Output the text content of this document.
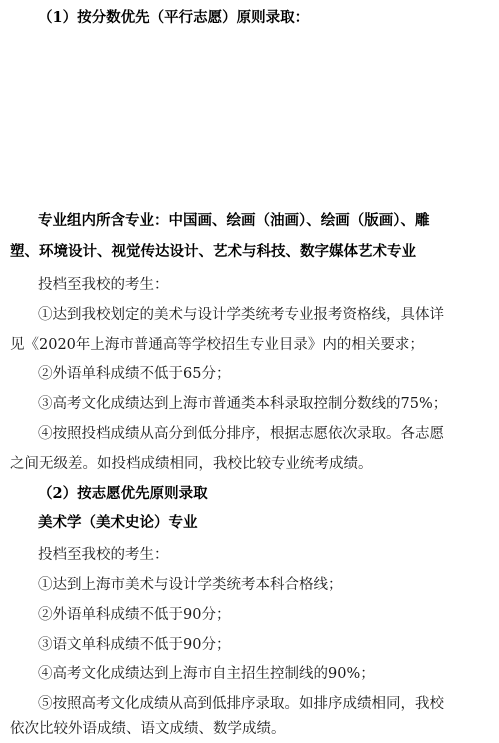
（1）按分数优先（平行志愿）原则录取：
专业组内所含专业：中国画、绘画（油画）、绘画（版画）、雕
塑、环境设计、视觉传达设计、艺术与科技、数字媒体艺术专业
投档至我校的考生：
①达到我校划定的美术与设计学类统考专业报考资格线，具体详
见《2020年上海市普通高等学校招生专业目录》内的相关要求；
②外语单科成绩不低于65分；
③高考文化成绩达到上海市普通类本科录取控制分数线的75%；
④按照投档成绩从高分到低分排序，根据志愿依次录取。各志愿
之间无级差。如投档成绩相同，我校比较专业统考成绩。
（2）按志愿优先原则录取
美术学（美术史论）专业
投档至我校的考生：
①达到上海市美术与设计学类统考本科合格线；
②外语单科成绩不低于90分；
③语文单科成绩不低于90分；
④高考文化成绩达到上海市自主招生控制线的90%；
⑤按照高考文化成绩从高到低排序录取。如排序成绩相同，我校
依次比较外语成绩、语文成绩、数学成绩。
